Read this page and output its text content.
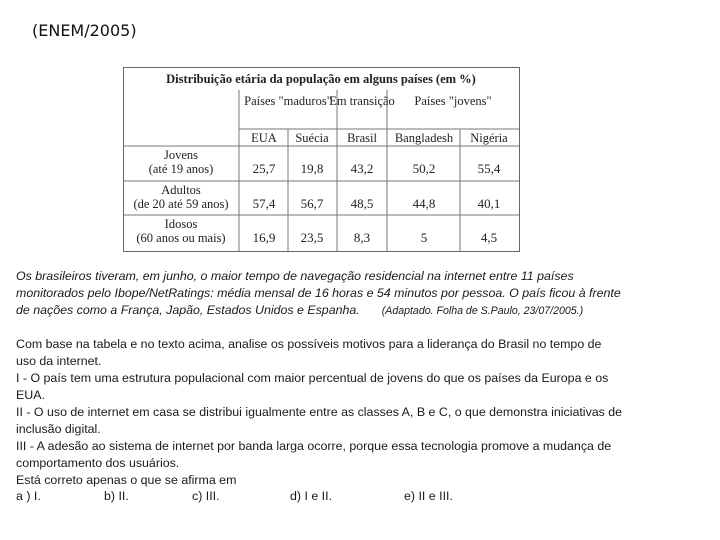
(ENEM/2005)
Distribuição etária da população em alguns países (em %)
Países "maduros"
Em transição Países "jovens"
EUA Suécia Brasil Bangladesh Nigéria
Jovens
(até 19 anos)	25,7 19,8 43,2	50,2	55,4
Adultos
(de 20 até 59 anos) 57,4 56,7 48,5	44,8	40,1
Idosos
(60 anos ou mais) 16,9 23,5 8,3	5	4,5
Os brasileiros tiveram, em junho, o maior tempo de navegação residencial na internet entre 11 países
monitorados pelo Ibope/NetRatings: média mensal de 16 horas e 54 minutos por pessoa. O país ficou à frente
de nações como a França, Japão, Estados Unidos e Espanha. (Adaptado. Folha de S.Paulo, 23/07/2005.)
Com base na tabela e no texto acima, analise os possíveis motivos para a liderança do Brasil no tempo de
uso da internet.
I - O país tem uma estrutura populacional com maior percentual de jovens do que os países da Europa e os
EUA.
II - O uso de internet em casa se distribui igualmente entre as classes A, B e C, o que demonstra iniciativas de
inclusão digital.
III - A adesão ao sistema de internet por banda larga ocorre, porque essa tecnologia promove a mudança de
comportamento dos usuários.
Está correto apenas o que se afirma em
a ) I.	b) II.	c) III.	d) I e II.	e) II e III.
